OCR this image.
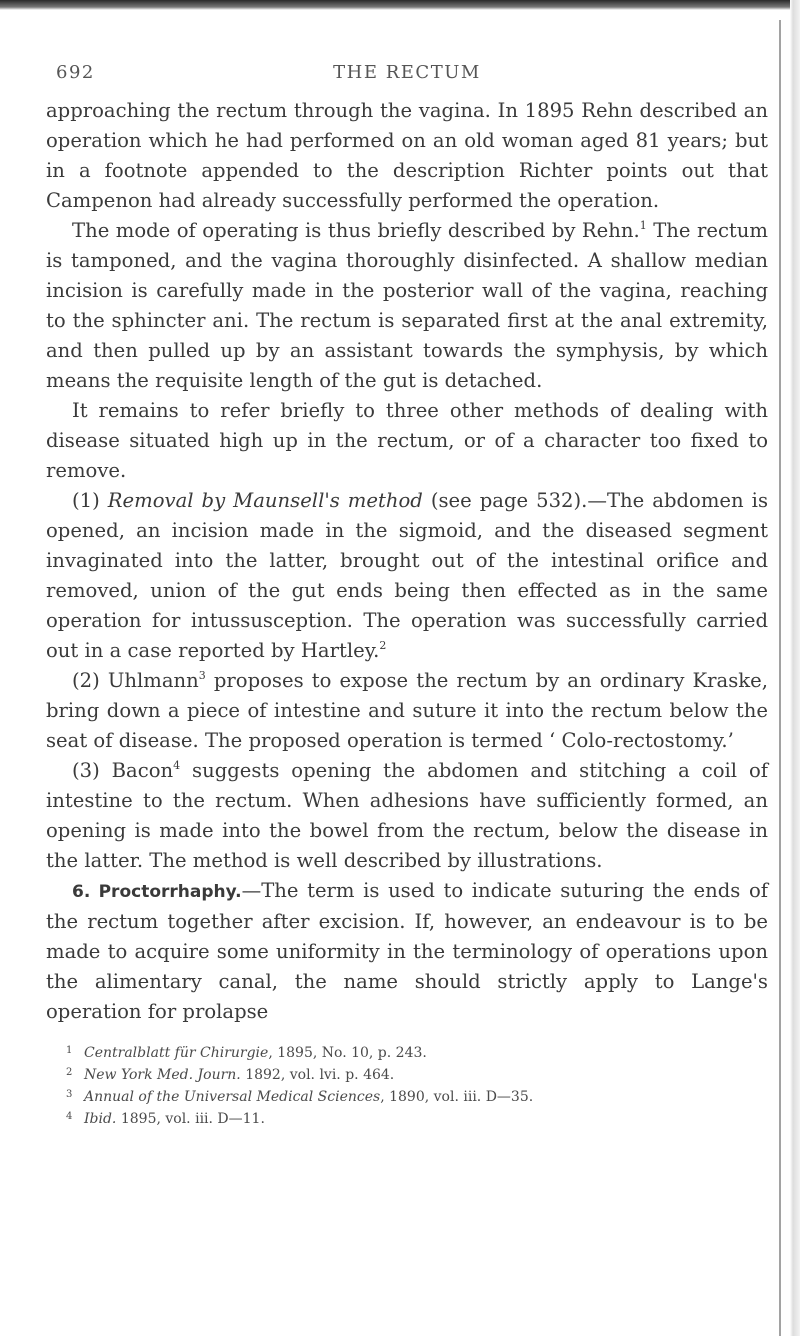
692	THE RECTUM

approaching the rectum through the vagina. In 1895 Rehn described an operation which he had performed on an old woman aged 81 years; but in a footnote appended to the description Richter points out that Campenon had already successfully performed the operation.

The mode of operating is thus briefly described by Rehn.$^1$ The rectum is tamponed, and the vagina thoroughly disinfected. A shallow median incision is carefully made in the posterior wall of the vagina, reaching to the sphincter ani. The rectum is separated first at the anal extremity, and then pulled up by an assistant towards the symphysis, by which means the requisite length of the gut is detached.

It remains to refer briefly to three other methods of dealing with disease situated high up in the rectum, or of a character too fixed to remove.

(1) Removal by Maunsell's method (see page 532).—The abdomen is opened, an incision made in the sigmoid, and the diseased segment invaginated into the latter, brought out of the intestinal orifice and removed, union of the gut ends being then effected as in the same operation for intussusception. The operation was successfully carried out in a case reported by Hartley.$^2$

(2) Uhlmann$^3$ proposes to expose the rectum by an ordinary Kraske, bring down a piece of intestine and suture it into the rectum below the seat of disease. The proposed operation is termed ‘ Colo-rectostomy.’

(3) Bacon$^4$ suggests opening the abdomen and stitching a coil of intestine to the rectum. When adhesions have sufficiently formed, an opening is made into the bowel from the rectum, below the disease in the latter. The method is well described by illustrations.

6. Proctorrhaphy.—The term is used to indicate suturing the ends of the rectum together after excision. If, however, an endeavour is to be made to acquire some uniformity in the terminology of operations upon the alimentary canal, the name should strictly apply to Lange's operation for prolapse

1 Centralblatt für Chirurgie, 1895, No. 10, p. 243.
2 New York Med. Journ. 1892, vol. lvi. p. 464.
3 Annual of the Universal Medical Sciences, 1890, vol. iii. D—35.
4 Ibid. 1895, vol. iii. D—11.
